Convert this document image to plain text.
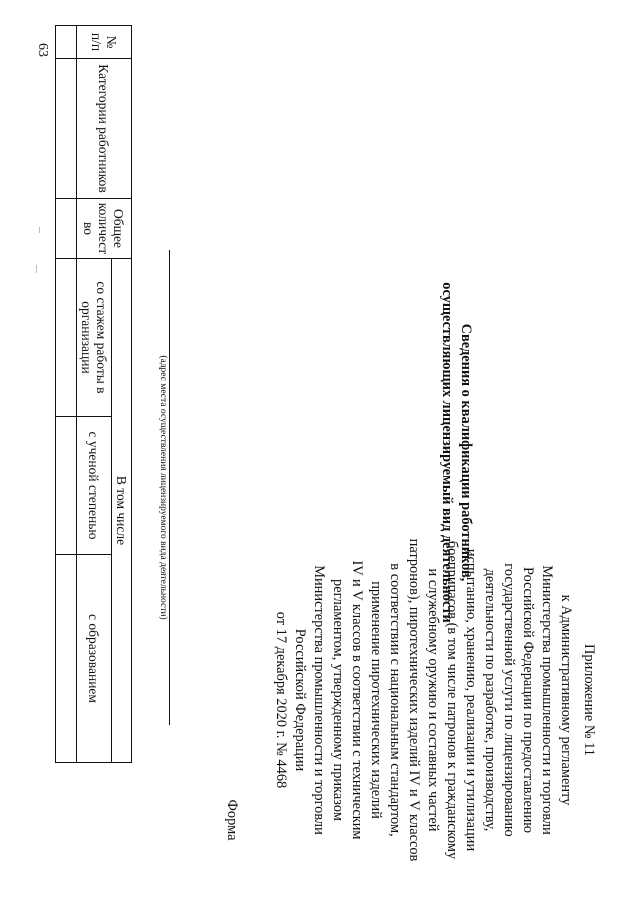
63
Приложение № 11
к Административному регламенту
Министерства промышленности и торговли
Российской Федерации по предоставлению
государственной услуги по лицензированию
деятельности по разработке, производству,
испытанию, хранению, реализации и утилизации
боеприпасов (в том числе патронов к гражданскому
и служебному оружию и составных частей
патронов), пиротехнических изделий IV и V классов
в соответствии с национальным стандартом,
применение пиротехнических изделий
IV и V классов в соответствии с техническим
регламентом, утвержденному приказом
Министерства промышленности и торговли
Российской Федерации
от 17 декабря 2020 г. № 4468
Форма
Сведения о квалификации работников,
осуществляющих лицензируемый вид деятельности
(адрес места осуществления лицензируемого вида деятельности)
№ п/п	Категории работников	Общее количест во	В том числе		
			со стажем работы в организации	с ученой степенью	с образованием
